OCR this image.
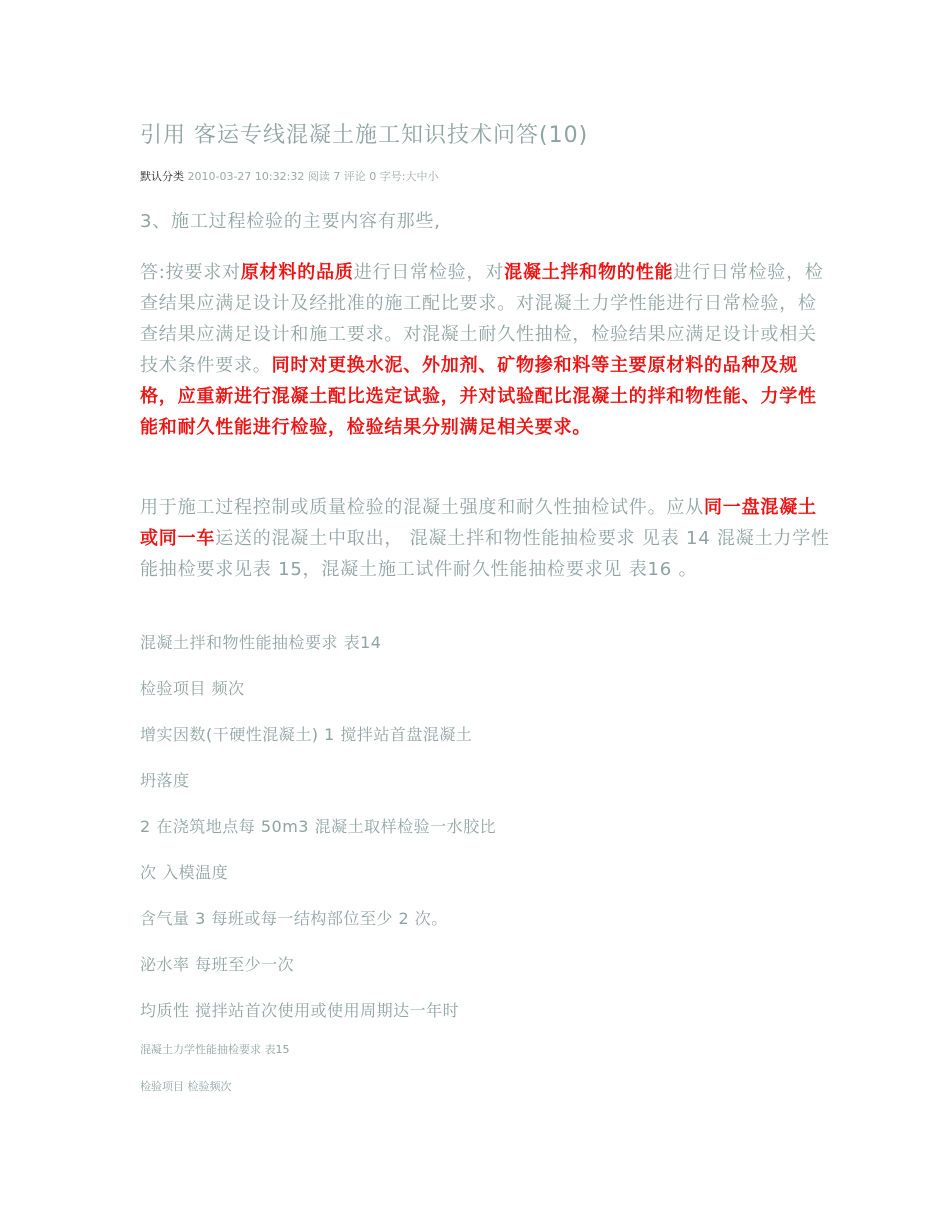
引用 客运专线混凝土施工知识技术问答(10)
默认分类 2010-03-27 10:32:32 阅读 7 评论 0 字号:大中小

3、施工过程检验的主要内容有那些,

答:按要求对原材料的品质进行日常检验，对混凝土拌和物的性能进行日常检验，检查结果应满足设计及经批准的施工配比要求。对混凝土力学性能进行日常检验，检查结果应满足设计和施工要求。对混凝土耐久性抽检，检验结果应满足设计或相关技术条件要求。同时对更换水泥、外加剂、矿物掺和料等主要原材料的品种及规格，应重新进行混凝土配比选定试验，并对试验配比混凝土的拌和物性能、力学性能和耐久性能进行检验，检验结果分别满足相关要求。

用于施工过程控制或质量检验的混凝土强度和耐久性抽检试件。应从同一盘混凝土或同一车运送的混凝土中取出， 混凝土拌和物性能抽检要求 见表 14 混凝土力学性能抽检要求见表 15，混凝土施工试件耐久性能抽检要求见 表16 。

混凝土拌和物性能抽检要求 表14
检验项目 频次
增实因数(干硬性混凝土) 1 搅拌站首盘混凝土
坍落度
2 在浇筑地点每 50m3 混凝土取样检验一水胶比
次 入模温度
含气量 3 每班或每一结构部位至少 2 次。
泌水率 每班至少一次
均质性 搅拌站首次使用或使用周期达一年时
混凝土力学性能抽检要求 表15
检验项目 检验频次
